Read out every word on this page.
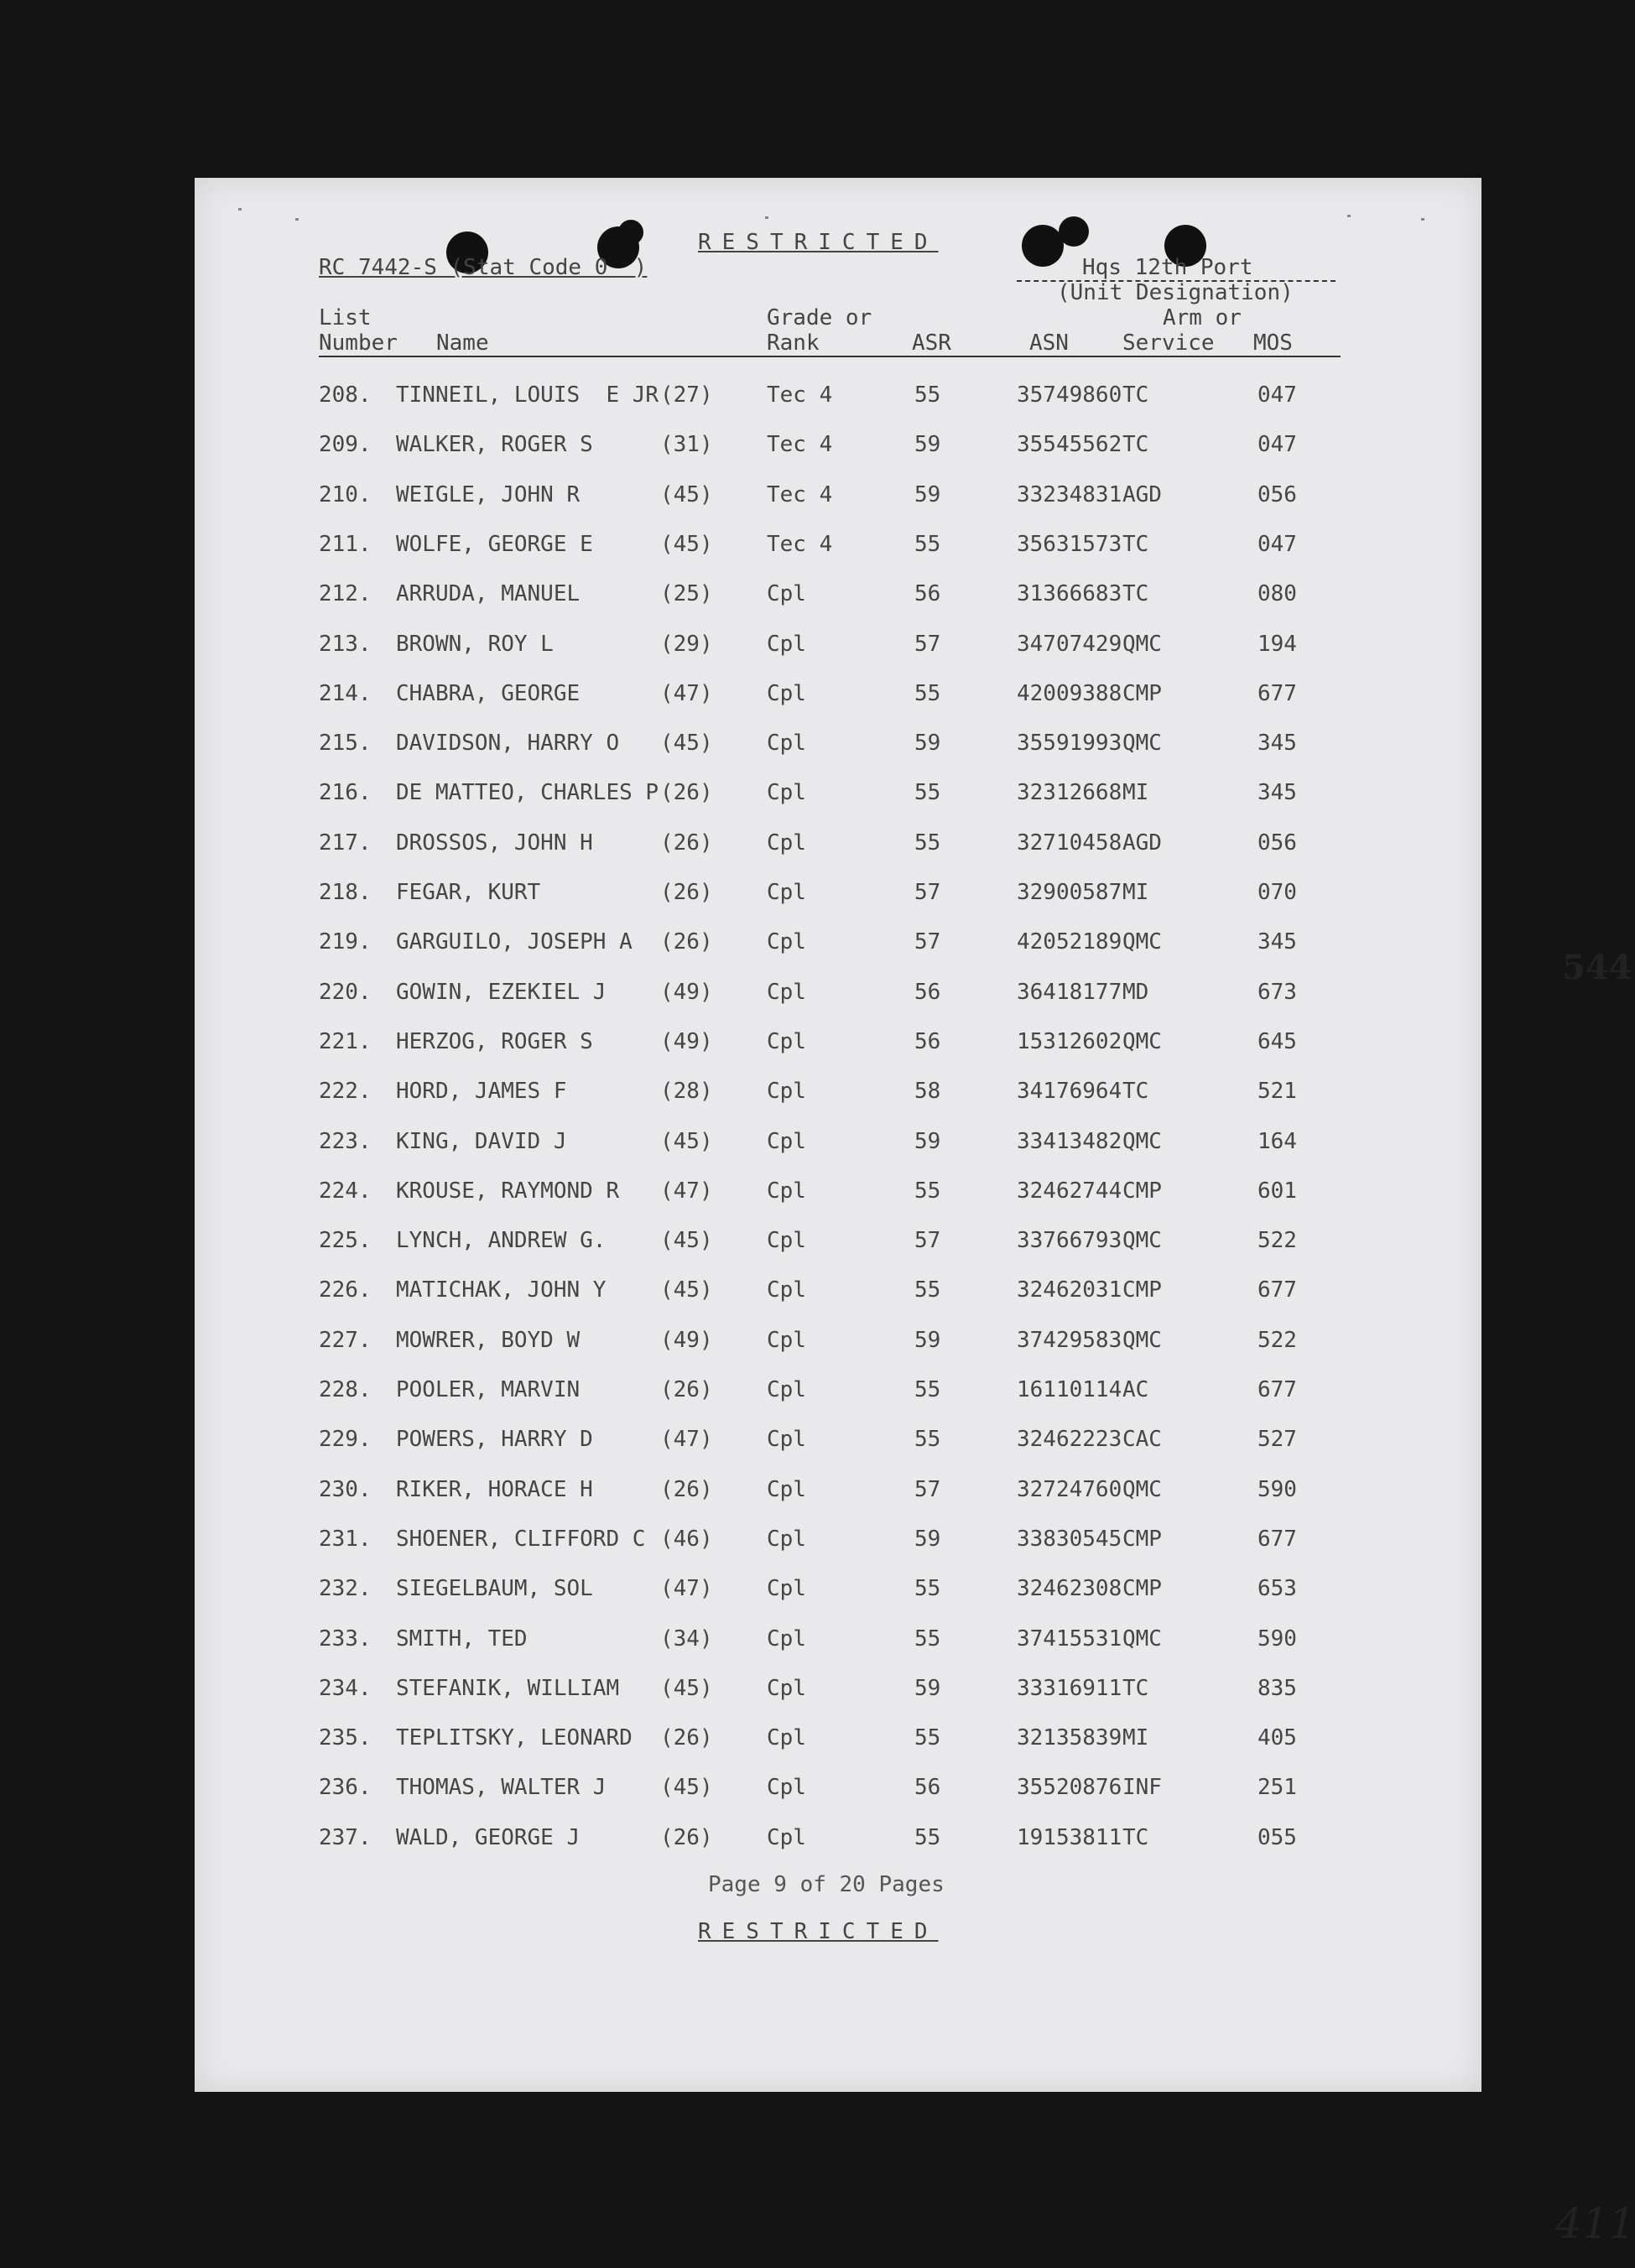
RESTRICTED
RC 7442-S (Stat Code 0  )	Hqs 12th Port
(Unit Designation)
List
Number Name
Grade or
Rank	ASR	ASN
Arm or
Service MOS
208. TINNEIL, LOUIS  E JR (27) Tec 4	55	35749860 TC	047
209. WALKER, ROGER S	(31) Tec 4	59	35545562 TC	047
210. WEIGLE, JOHN R	(45) Tec 4	59	33234831 AGD	056
211. WOLFE, GEORGE E	(45) Tec 4	55	35631573 TC	047
212. ARRUDA, MANUEL	(25) Cpl	56	31366683 TC	080
213. BROWN, ROY L	(29) Cpl	57	34707429 QMC	194
214. CHABRA, GEORGE	(47) Cpl	55	42009388 CMP	677
215. DAVIDSON, HARRY O (45) Cpl	59	35591993 QMC	345
216. DE MATTEO, CHARLES P (26) Cpl	55	32312668 MI	345
217. DROSSOS, JOHN H	(26) Cpl	55	32710458 AGD	056
218. FEGAR, KURT	(26) Cpl	57	32900587 MI	070
219. GARGUILO, JOSEPH A (26) Cpl	57	42052189 QMC	345
220. GOWIN, EZEKIEL J (49) Cpl	56	36418177 MD	673
221. HERZOG, ROGER S	(49) Cpl	56	15312602 QMC	645
222. HORD, JAMES F	(28) Cpl	58	34176964 TC	521
223. KING, DAVID J	(45) Cpl	59	33413482 QMC	164
224. KROUSE, RAYMOND R (47) Cpl	55	32462744 CMP	601
225. LYNCH, ANDREW G. (45) Cpl	57	33766793 QMC	522
226. MATICHAK, JOHN Y (45) Cpl	55	32462031 CMP	677
227. MOWRER, BOYD W	(49) Cpl	59	37429583 QMC	522
228. POOLER, MARVIN	(26) Cpl	55	16110114 AC	677
229. POWERS, HARRY D	(47) Cpl	55	32462223 CAC	527
230. RIKER, HORACE H	(26) Cpl	57	32724760 QMC	590
231. SHOENER, CLIFFORD C (46) Cpl	59	33830545 CMP	677
232. SIEGELBAUM, SOL	(47) Cpl	55	32462308 CMP	653
233. SMITH, TED	(34) Cpl	55	37415531 QMC	590
234. STEFANIK, WILLIAM (45) Cpl	59	33316911 TC	835
235. TEPLITSKY, LEONARD (26) Cpl	55	32135839 MI	405
236. THOMAS, WALTER J (45) Cpl	56	35520876 INF	251
237. WALD, GEORGE J	(26) Cpl	55	19153811 TC	055
Page 9 of 20 Pages
RESTRICTED
544
411
